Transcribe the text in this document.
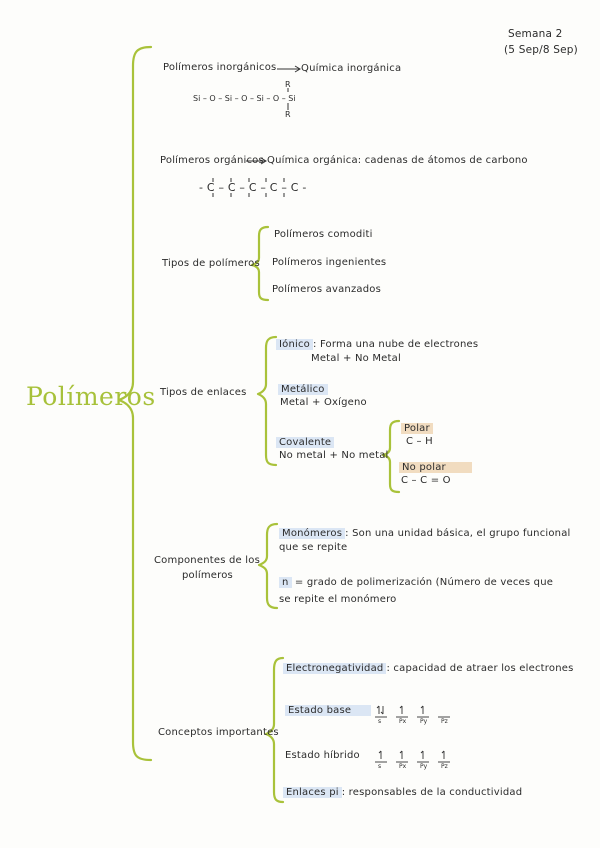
Semana 2
(5 Sep/8 Sep)
Polímeros
Polímeros inorgánicos Química inorgánica
R
Si – O – Si – O – Si – O – Si
R
Polímeros orgánicos Química orgánica: cadenas de átomos de carbono
- C – C – C – C – C -
Tipos de polímeros
Polímeros comoditi
Polímeros ingenientes
Polímeros avanzados
Tipos de enlaces
Iónico : Forma una nube de electrones
Metal + No Metal
Metálico
Metal + Oxígeno
Covalente
No metal + No metal
Polar
C – H
No polar
C – C = O
Componentes de los
polímeros
Monómeros : Son una unidad básica, el grupo funcional
que se repite
n = grado de polimerización (Número de veces que
se repite el monómero
Conceptos importantes
Electronegatividad : capacidad de atraer los electrones
Estado base
s	Px Py Pz
Estado híbrido
s	Px Py Pz
Enlaces pi : responsables de la conductividad
